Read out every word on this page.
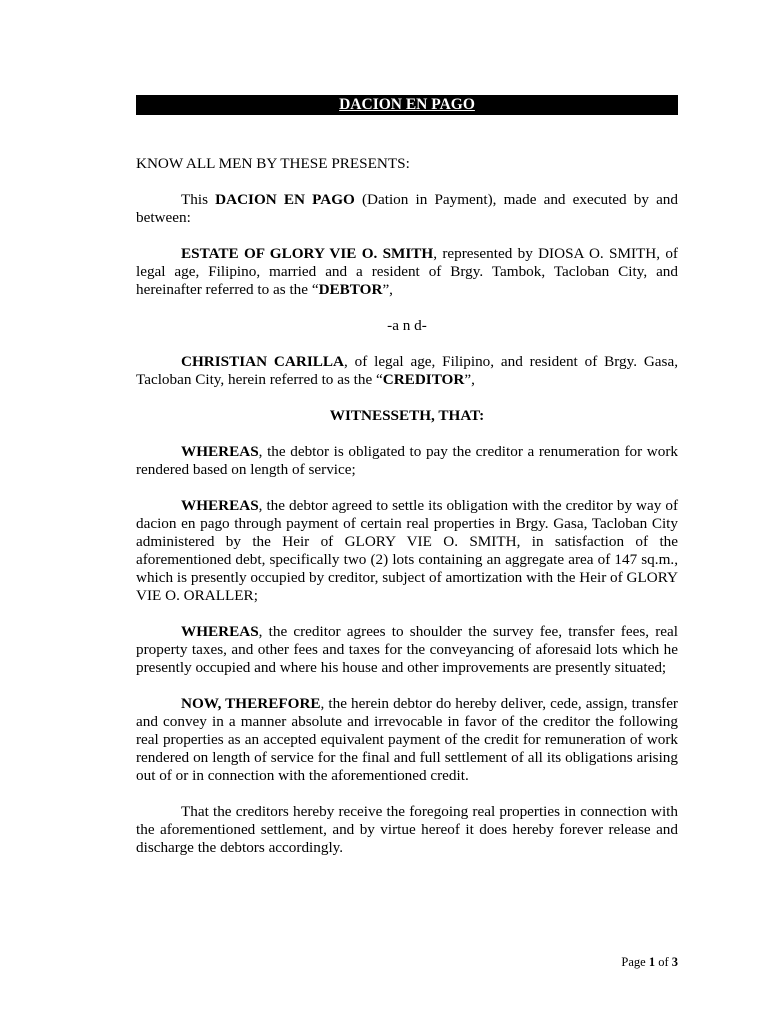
DACION EN PAGO

KNOW ALL MEN BY THESE PRESENTS:

This DACION EN PAGO (Dation in Payment), made and executed by and between:

ESTATE OF GLORY VIE O. SMITH, represented by DIOSA O. SMITH, of legal age, Filipino, married and a resident of Brgy. Tambok, Tacloban City, and hereinafter referred to as the “DEBTOR”,

-a n d-

CHRISTIAN CARILLA, of legal age, Filipino, and resident of Brgy. Gasa, Tacloban City, herein referred to as the “CREDITOR”,

WITNESSETH, THAT:

WHEREAS, the debtor is obligated to pay the creditor a renumeration for work rendered based on length of service;

WHEREAS, the debtor agreed to settle its obligation with the creditor by way of dacion en pago through payment of certain real properties in Brgy. Gasa, Tacloban City administered by the Heir of GLORY VIE O. SMITH, in satisfaction of the aforementioned debt, specifically two (2) lots containing an aggregate area of 147 sq.m., which is presently occupied by creditor, subject of amortization with the Heir of GLORY VIE O. ORALLER;

WHEREAS, the creditor agrees to shoulder the survey fee, transfer fees, real property taxes, and other fees and taxes for the conveyancing of aforesaid lots which he presently occupied and where his house and other improvements are presently situated;

NOW, THEREFORE, the herein debtor do hereby deliver, cede, assign, transfer and convey in a manner absolute and irrevocable in favor of the creditor the following real properties as an accepted equivalent payment of the credit for remuneration of work rendered on length of service for the final and full settlement of all its obligations arising out of or in connection with the aforementioned credit.

That the creditors hereby receive the foregoing real properties in connection with the aforementioned settlement, and by virtue hereof it does hereby forever release and discharge the debtors accordingly.

Page 1 of 3
